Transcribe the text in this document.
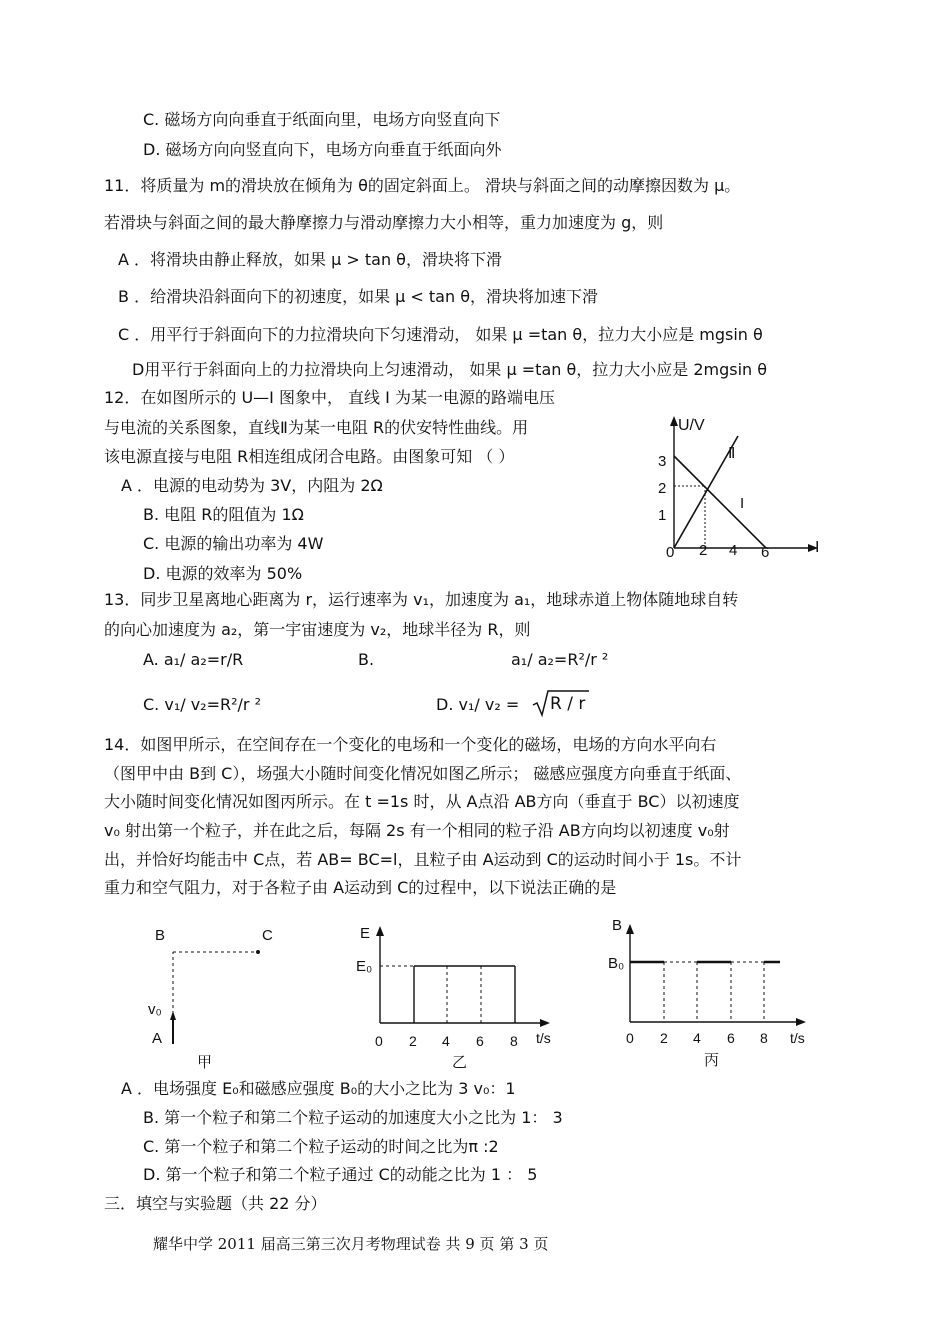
C. 磁场方向向垂直于纸面向里，电场方向竖直向下
D. 磁场方向向竖直向下，电场方向垂直于纸面向外
11．将质量为 m的滑块放在倾角为 θ的固定斜面上。 滑块与斜面之间的动摩擦因数为 μ。
若滑块与斜面之间的最大静摩擦力与滑动摩擦力大小相等，重力加速度为 g，则
A ．将滑块由静止释放，如果 μ > tan θ，滑块将下滑
B ．给滑块沿斜面向下的初速度，如果 μ < tan θ，滑块将加速下滑
C ．用平行于斜面向下的力拉滑块向下匀速滑动， 如果 μ =tan θ，拉力大小应是 mgsin θ
D用平行于斜面向上的力拉滑块向上匀速滑动， 如果 μ =tan θ，拉力大小应是 2mgsin θ
12．在如图所示的 U—I 图象中， 直线 I 为某一电源的路端电压
与电流的关系图象，直线Ⅱ为某一电阻 R的伏安特性曲线。用
该电源直接与电阻 R相连组成闭合电路。由图象可知 （ ）
A ．电源的电动势为 3V，内阻为 2Ω
B. 电阻 R的阻值为 1Ω
C. 电源的输出功率为 4W
D. 电源的效率为 50%
U/V
3
2
1
0 2 4 6	I
I
Ⅱ
13．同步卫星离地心距离为 r，运行速率为 v₁，加速度为 a₁，地球赤道上物体随地球自转
的向心加速度为 a₂，第一宇宙速度为 v₂，地球半径为 R，则
A. a₁/ a₂=r/R	B.	a₁/ a₂=R²/r ²
C. v₁/ v₂=R²/r ²	D. v₁/ v₂ = R / r
14．如图甲所示，在空间存在一个变化的电场和一个变化的磁场，电场的方向水平向右
（图甲中由 B到 C），场强大小随时间变化情况如图乙所示； 磁感应强度方向垂直于纸面、
大小随时间变化情况如图丙所示。在 t =1s 时，从 A点沿 AB方向（垂直于 BC）以初速度
v₀ 射出第一个粒子，并在此之后，每隔 2s 有一个相同的粒子沿 AB方向均以初速度 v₀射
出，并恰好均能击中 C点，若 AB= BC=l，且粒子由 A运动到 C的运动时间小于 1s。不计
重力和空气阻力，对于各粒子由 A运动到 C的过程中，以下说法正确的是
B	C
v₀
A
甲
E
E₀
0 2 4 6 8 t/s
乙
B
B₀
0 2 4 6 8 t/s
丙
A ．电场强度 E₀和磁感应强度 B₀的大小之比为 3 v₀：1
B. 第一个粒子和第二个粒子运动的加速度大小之比为 1： 3
C. 第一个粒子和第二个粒子运动的时间之比为π :2
D. 第一个粒子和第二个粒子通过 C的动能之比为 1 ： 5
三．填空与实验题（共 22 分）
耀华中学 2011 届高三第三次月考物理试卷 共 9 页 第 3 页
